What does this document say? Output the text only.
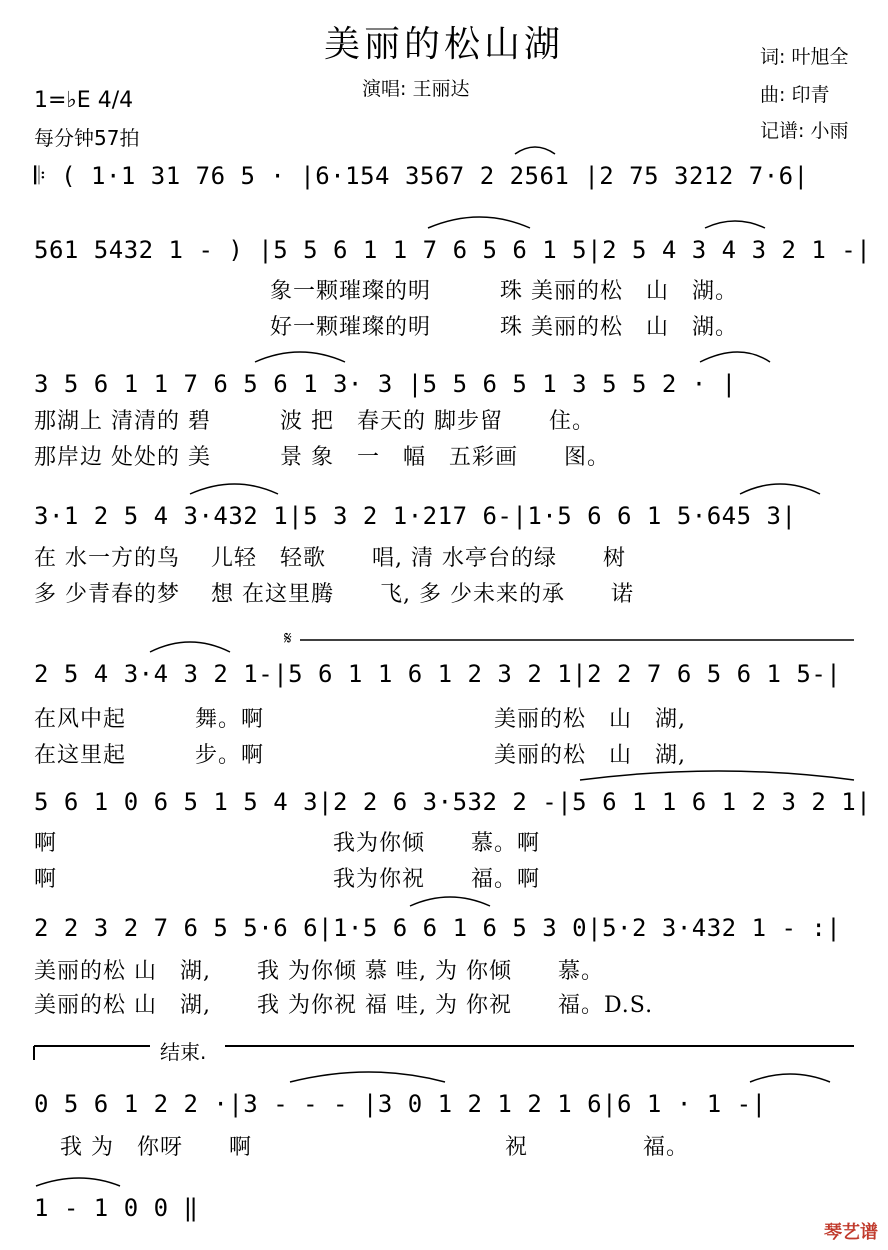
美丽的松山湖
演唱: 王丽达
词: 叶旭全
曲: 印青
记谱: 小雨
1=♭E 4/4
每分钟57拍
𝄆 ( 1·1 31 76 5 · |6·154 3567 2 2561 |2 75 3212 7·6|
561 5432 1 - ) |5 5 6 1 1 7 6 5 6 1 5|2 5 4 3 4 3 2 1 -|
象一颗璀璨的明　　　珠 美丽的松　山　湖。
好一颗璀璨的明　　　珠 美丽的松　山　湖。
3 5 6 1 1 7 6 5 6 1 3· 3 |5 5 6 5 1 3 5 5 2 · |
那湖上 清清的 碧　　　波 把　春天的 脚步留　　住。
那岸边 处处的 美　　　景 象　一　幅　五彩画　　图。
3·1 2 5 4 3·432 1|5 3 2 1·217 6-|1·5 6 6 1 5·645 3|
在 水一方的鸟　 儿轻　轻歌　　唱, 清 水亭台的绿　　树
多 少青春的梦　 想 在这里腾　　飞, 多 少未来的承　　诺
𝄋
2 5 4 3·4 3 2 1-|5 6 1 1 6 1 2 3 2 1|2 2 7 6 5 6 1 5-|
在风中起　　　舞。啊　　　　　　　　　　美丽的松　山　湖,
在这里起　　　步。啊　　　　　　　　　　美丽的松　山　湖,
5 6 1 0 6 5 1 5 4 3|2 2 6 3·532 2 -|5 6 1 1 6 1 2 3 2 1|
啊　　　　　　　　　　　　我为你倾　　慕。啊
啊　　　　　　　　　　　　我为你祝　　福。啊
2 2 3 2 7 6 5 5·6 6|1·5 6 6 1 6 5 3 0|5·2 3·432 1 - :|
美丽的松 山　湖,　　我 为你倾 慕 哇, 为 你倾　　慕。
美丽的松 山　湖,　　我 为你祝 福 哇, 为 你祝　　福。D.S.
结束.
0 5 6 1 2 2 ·|3 - - - |3 0 1 2 1 2 1 6|6 1 · 1 -|
我 为　你呀　　啊　　　　　　　　　　　祝　　　　　福。
1 - 1 0 0 ‖
琴艺谱
